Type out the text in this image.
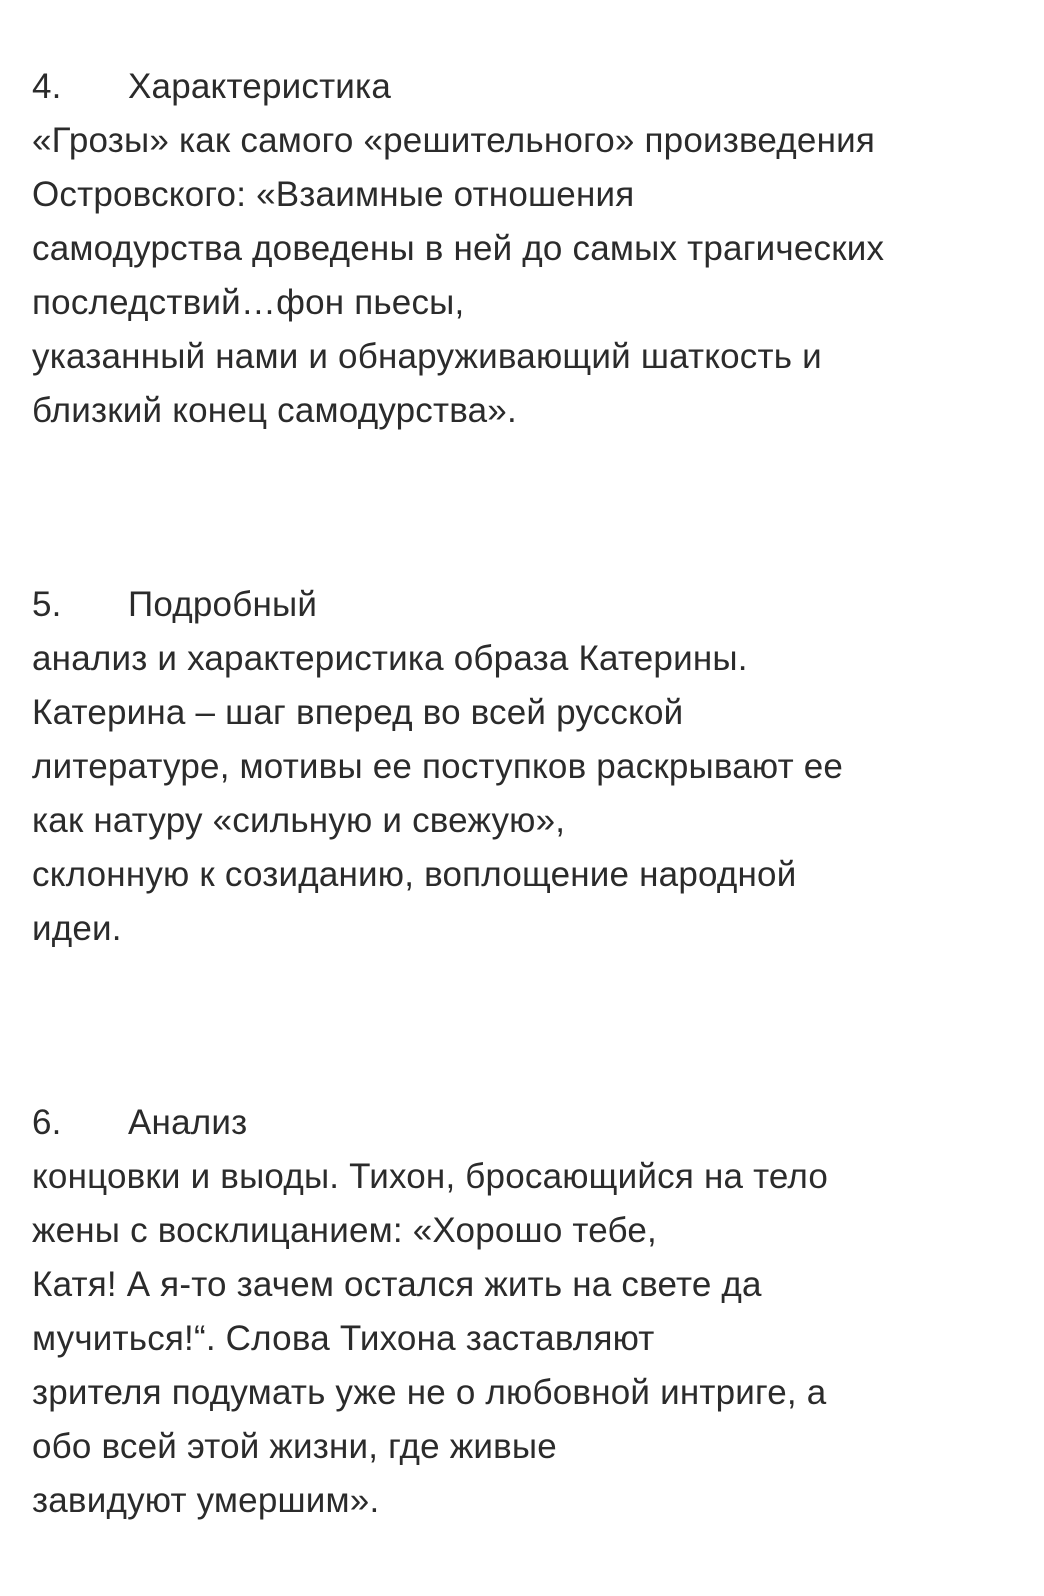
4.	Характеристика
«Грозы» как самого «решительного» произведения
Островского: «Взаимные отношения
самодурства доведены в ней до самых трагических
последствий…фон пьесы,
указанный нами и обнаруживающий шаткость и
близкий конец самодурства».
5.	Подробный
анализ и характеристика образа Катерины.
Катерина – шаг вперед во всей русской
литературе, мотивы ее поступков раскрывают ее
как натуру «сильную и свежую»,
склонную к созиданию, воплощение народной
идеи.
6.	Анализ
концовки и выоды. Тихон, бросающийся на тело
жены с восклицанием: «Хорошо тебе,
Катя! А я-то зачем остался жить на свете да
мучиться!“. Слова Тихона заставляют
зрителя подумать уже не о любовной интриге, а
обо всей этой жизни, где живые
завидуют умершим».
